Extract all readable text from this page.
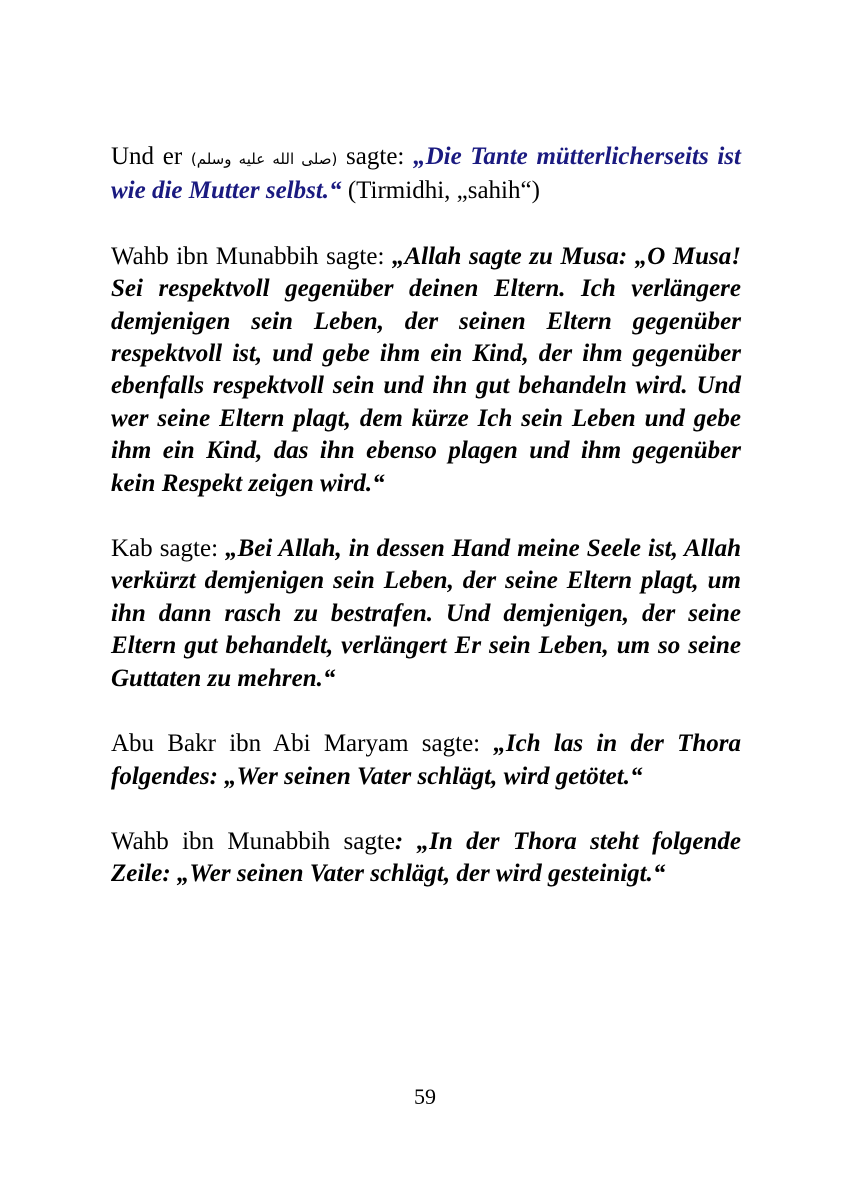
Und er (صلى الله عليه وسلم) sagte: „Die Tante mütterlicherseits ist wie die Mutter selbst.“ (Tirmidhi, „sahih“)

Wahb ibn Munabbih sagte: „Allah sagte zu Musa: „O Musa! Sei respektvoll gegenüber deinen Eltern. Ich verlängere demjenigen sein Leben, der seinen Eltern gegenüber respektvoll ist, und gebe ihm ein Kind, der ihm gegenüber ebenfalls respektvoll sein und ihn gut behandeln wird. Und wer seine Eltern plagt, dem kürze Ich sein Leben und gebe ihm ein Kind, das ihn ebenso plagen und ihm gegenüber kein Respekt zeigen wird.“

Kab sagte: „Bei Allah, in dessen Hand meine Seele ist, Allah verkürzt demjenigen sein Leben, der seine Eltern plagt, um ihn dann rasch zu bestrafen. Und demjenigen, der seine Eltern gut behandelt, verlängert Er sein Leben, um so seine Guttaten zu mehren.“

Abu Bakr ibn Abi Maryam sagte: „Ich las in der Thora folgendes: „Wer seinen Vater schlägt, wird getötet.“

Wahb ibn Munabbih sagte: „In der Thora steht folgende Zeile: „Wer seinen Vater schlägt, der wird gesteinigt.“

59
